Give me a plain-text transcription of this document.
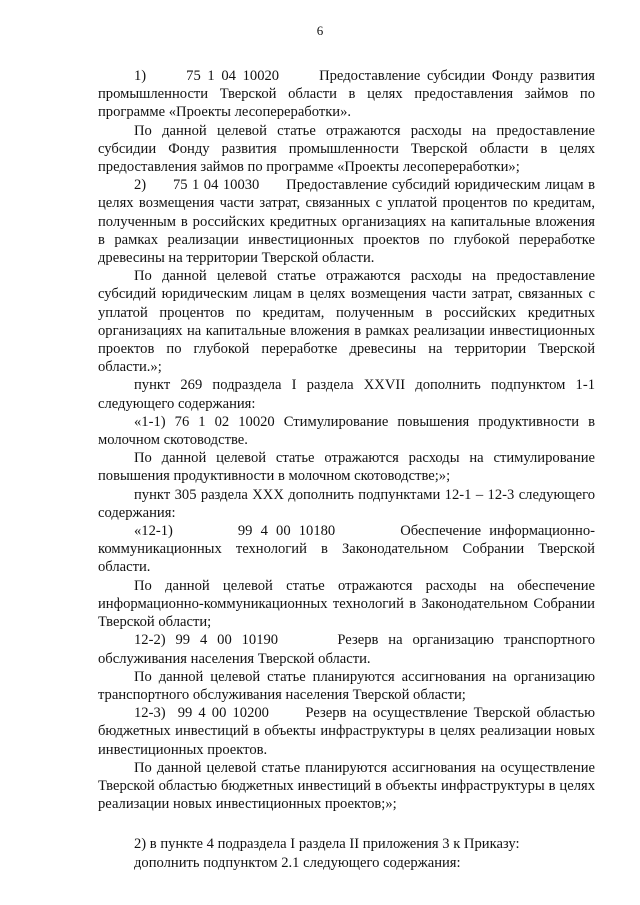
6

1)      75 1 04 10020      Предоставление субсидии Фонду развития промышленности Тверской области в целях предоставления займов по программе «Проекты лесопереработки».

По данной целевой статье отражаются расходы на предоставление субсидии Фонду развития промышленности Тверской области в целях предоставления займов по программе «Проекты лесопереработки»;

2)      75 1 04 10030      Предоставление субсидий юридическим лицам в целях возмещения части затрат, связанных с уплатой процентов по кредитам, полученным в российских кредитных организациях на капитальные вложения в рамках реализации инвестиционных проектов по глубокой переработке древесины на территории Тверской области.

По данной целевой статье отражаются расходы на предоставление субсидий юридическим лицам в целях возмещения части затрат, связанных с уплатой процентов по кредитам, полученным в российских кредитных организациях на капитальные вложения в рамках реализации инвестиционных проектов по глубокой переработке древесины на территории Тверской области.»;

пункт 269 подраздела I раздела XXVII дополнить подпунктом 1-1 следующего содержания:

«1-1) 76 1 02 10020 Стимулирование повышения продуктивности в молочном скотоводстве.

По данной целевой статье отражаются расходы на стимулирование повышения продуктивности в молочном скотоводстве;»;

пункт 305 раздела XXX дополнить подпунктами 12-1 – 12-3 следующего содержания:

«12-1)        99 4 00 10180        Обеспечение информационно-коммуникационных технологий в Законодательном Собрании Тверской области.

По данной целевой статье отражаются расходы на обеспечение информационно-коммуникационных технологий в Законодательном Собрании Тверской области;

12-2) 99 4 00 10190      Резерв на организацию транспортного обслуживания населения Тверской области.

По данной целевой статье планируются ассигнования на организацию транспортного обслуживания населения Тверской области;

12-3)  99 4 00 10200      Резерв на осуществление Тверской областью бюджетных инвестиций в объекты инфраструктуры в целях реализации новых инвестиционных проектов.

По данной целевой статье планируются ассигнования на осуществление Тверской областью бюджетных инвестиций в объекты инфраструктуры в целях реализации новых инвестиционных проектов;»;

2) в пункте 4 подраздела I раздела II приложения 3 к Приказу:

дополнить подпунктом 2.1 следующего содержания:
